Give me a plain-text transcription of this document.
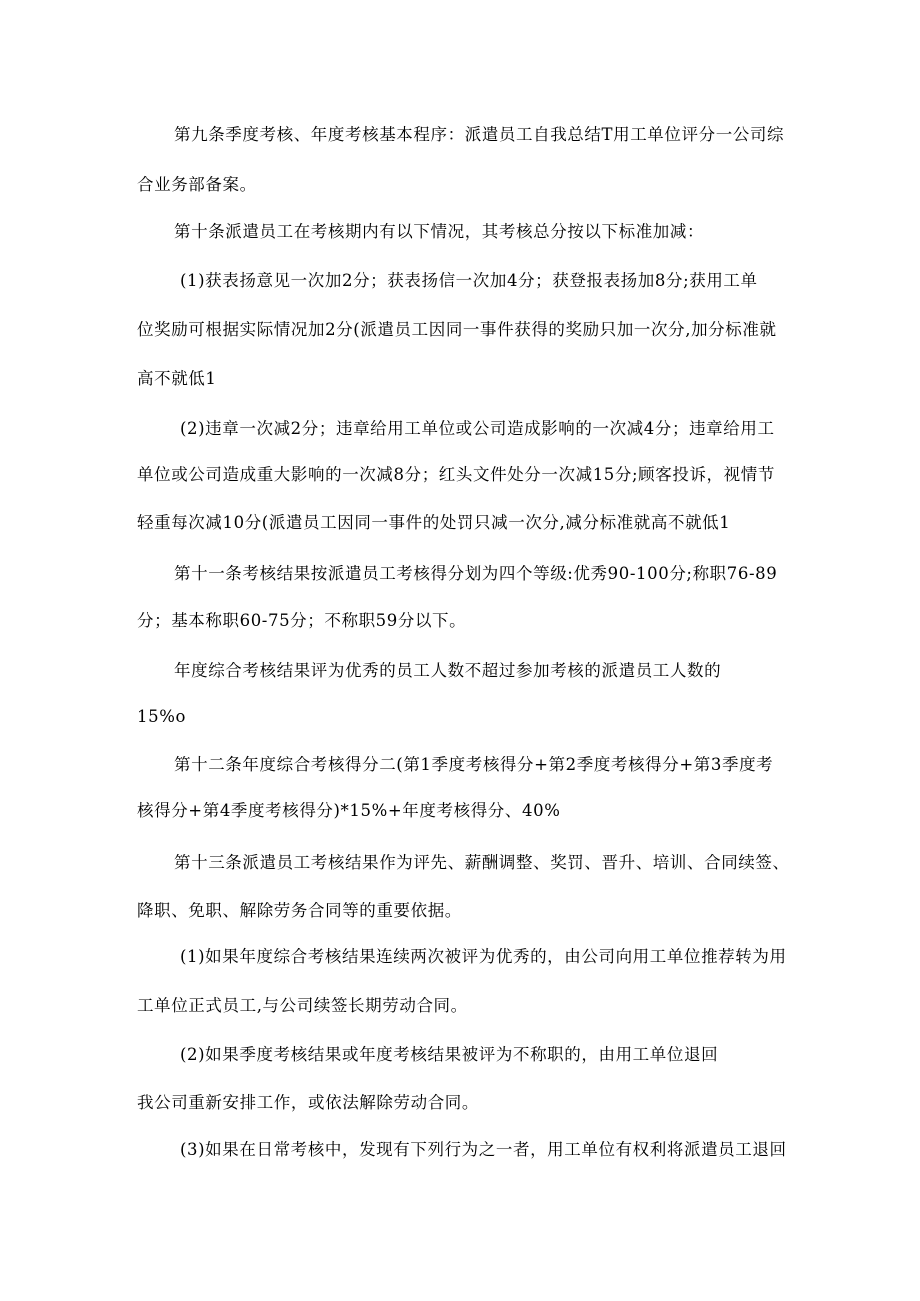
第九条季度考核、年度考核基本程序：派遣员工自我总结T用工单位评分一公司综
合业务部备案。
第十条派遣员工在考核期内有以下情况，其考核总分按以下标准加减：
(1)获表扬意见一次加2分；获表扬信一次加4分；获登报表扬加8分;获用工单
位奖励可根据实际情况加2分(派遣员工因同一事件获得的奖励只加一次分,加分标准就
高不就低1
(2)违章一次减2分；违章给用工单位或公司造成影响的一次减4分；违章给用工
单位或公司造成重大影响的一次减8分；红头文件处分一次减15分;顾客投诉，视情节
轻重每次减10分(派遣员工因同一事件的处罚只减一次分,减分标准就高不就低1
第十一条考核结果按派遣员工考核得分划为四个等级:优秀90-100分;称职76-89
分；基本称职60-75分；不称职59分以下。
年度综合考核结果评为优秀的员工人数不超过参加考核的派遣员工人数的
15%o
第十二条年度综合考核得分二(第1季度考核得分+第2季度考核得分+第3季度考
核得分+第4季度考核得分)*15%+年度考核得分、40%
第十三条派遣员工考核结果作为评先、薪酬调整、奖罚、晋升、培训、合同续签、
降职、免职、解除劳务合同等的重要依据。
(1)如果年度综合考核结果连续两次被评为优秀的，由公司向用工单位推荐转为用
工单位正式员工,与公司续签长期劳动合同。
(2)如果季度考核结果或年度考核结果被评为不称职的，由用工单位退回
我公司重新安排工作，或依法解除劳动合同。
(3)如果在日常考核中，发现有下列行为之一者，用工单位有权利将派遣员工退回
